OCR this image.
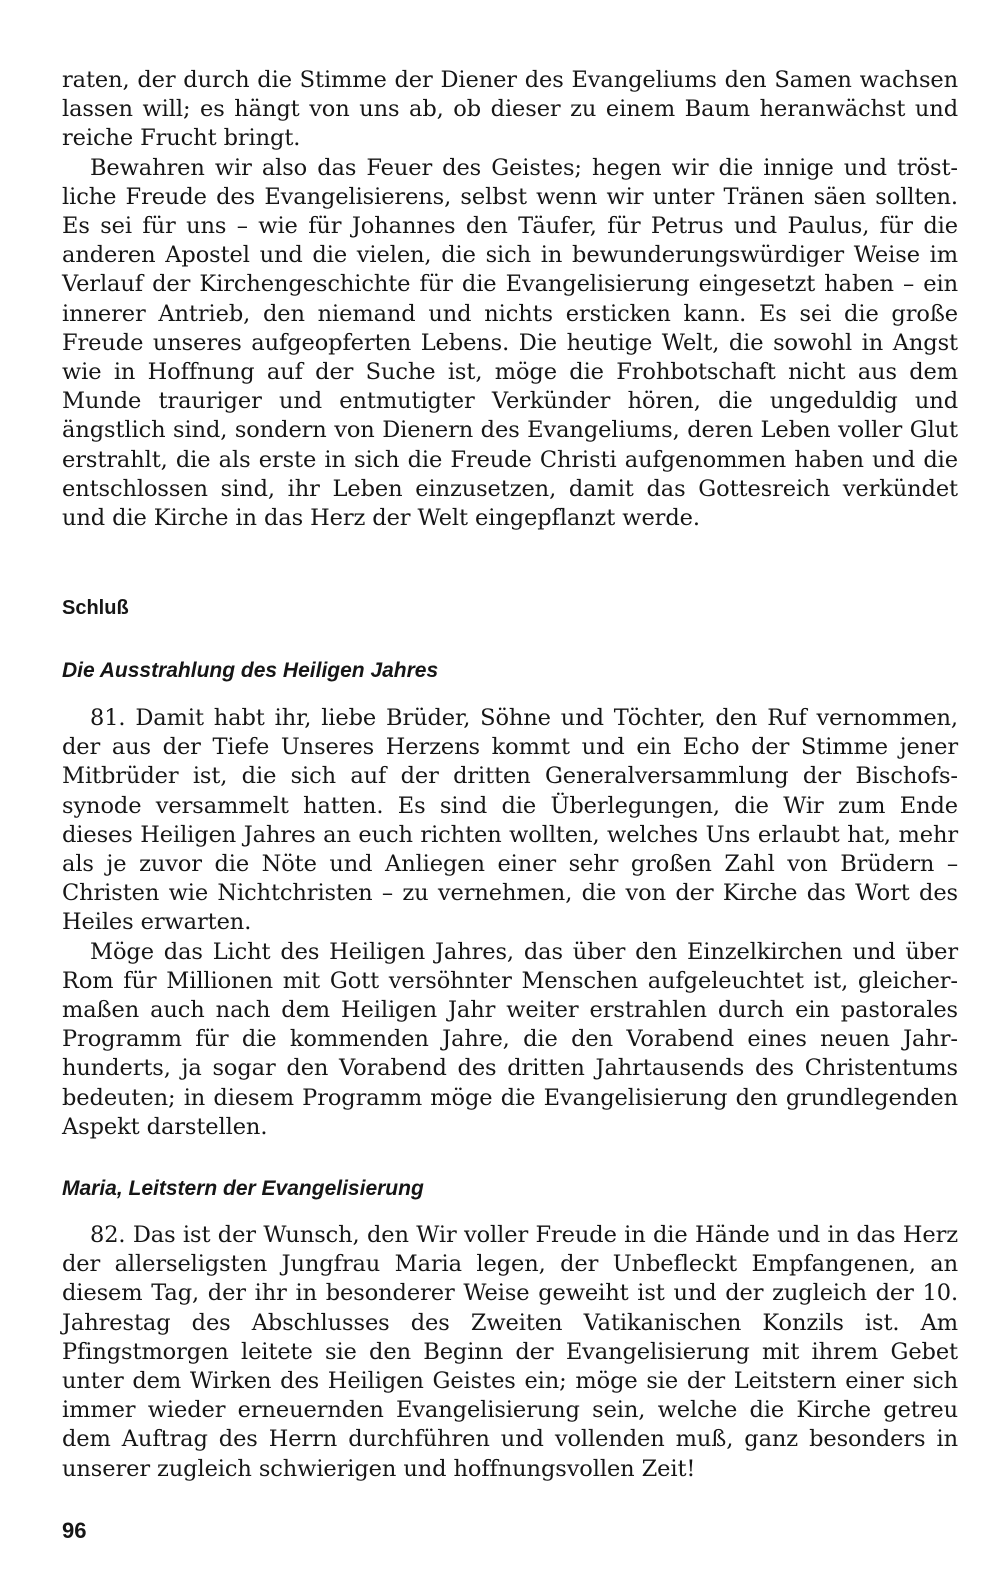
raten, der durch die Stimme der Diener des Evangeliums den Samen wachsen lassen will; es hängt von uns ab, ob dieser zu einem Baum heranwächst und reiche Frucht bringt.

Bewahren wir also das Feuer des Geistes; hegen wir die innige und tröstliche Freude des Evangelisierens, selbst wenn wir unter Tränen säen sollten. Es sei für uns – wie für Johannes den Täufer, für Petrus und Paulus, für die anderen Apostel und die vielen, die sich in bewunderungswürdiger Weise im Verlauf der Kirchengeschichte für die Evangelisierung eingesetzt haben – ein innerer Antrieb, den niemand und nichts ersticken kann. Es sei die große Freude unseres aufgeopferten Lebens. Die heutige Welt, die sowohl in Angst wie in Hoffnung auf der Suche ist, möge die Frohbotschaft nicht aus dem Munde trauriger und entmutigter Verkünder hören, die ungeduldig und ängstlich sind, sondern von Dienern des Evangeliums, deren Leben voller Glut erstrahlt, die als erste in sich die Freude Christi aufgenommen haben und die entschlossen sind, ihr Leben einzusetzen, damit das Gottesreich verkündet und die Kirche in das Herz der Welt eingepflanzt werde.

Schluß
Die Ausstrahlung des Heiligen Jahres

81. Damit habt ihr, liebe Brüder, Söhne und Töchter, den Ruf vernommen, der aus der Tiefe Unseres Herzens kommt und ein Echo der Stimme jener Mitbrüder ist, die sich auf der dritten Generalversammlung der Bischofssynode versammelt hatten. Es sind die Überlegungen, die Wir zum Ende dieses Heiligen Jahres an euch richten wollten, welches Uns erlaubt hat, mehr als je zuvor die Nöte und Anliegen einer sehr großen Zahl von Brüdern – Christen wie Nichtchristen – zu vernehmen, die von der Kirche das Wort des Heiles erwarten.

Möge das Licht des Heiligen Jahres, das über den Einzelkirchen und über Rom für Millionen mit Gott versöhnter Menschen aufgeleuchtet ist, gleichermaßen auch nach dem Heiligen Jahr weiter erstrahlen durch ein pastorales Programm für die kommenden Jahre, die den Vorabend eines neuen Jahrhunderts, ja sogar den Vorabend des dritten Jahrtausends des Christentums bedeuten; in diesem Programm möge die Evangelisierung den grundlegenden Aspekt darstellen.

Maria, Leitstern der Evangelisierung

82. Das ist der Wunsch, den Wir voller Freude in die Hände und in das Herz der allerseligsten Jungfrau Maria legen, der Unbefleckt Empfangenen, an diesem Tag, der ihr in besonderer Weise geweiht ist und der zugleich der 10. Jahrestag des Abschlusses des Zweiten Vatikanischen Konzils ist. Am Pfingstmorgen leitete sie den Beginn der Evangelisierung mit ihrem Gebet unter dem Wirken des Heiligen Geistes ein; möge sie der Leitstern einer sich immer wieder erneuernden Evangelisierung sein, welche die Kirche getreu dem Auftrag des Herrn durchführen und vollenden muß, ganz besonders in unserer zugleich schwierigen und hoffnungsvollen Zeit!

96
